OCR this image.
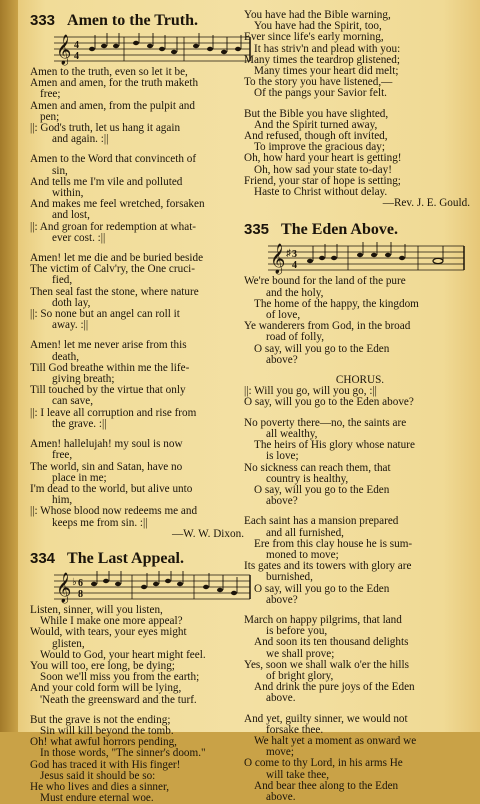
333 Amen to the Truth.
𝄞 4
4
Amen to the truth, even so let it be,
Amen and amen, for the truth maketh
free;
Amen and amen, from the pulpit and
pen;
||: God's truth, let us hang it again
and again. :||
Amen to the Word that convinceth of
sin,
And tells me I'm vile and polluted
within,
And makes me feel wretched, forsaken
and lost,
||: And groan for redemption at what-
ever cost. :||
Amen! let me die and be buried beside
The victim of Calv'ry, the One cruci-
fied,
Then seal fast the stone, where nature
doth lay,
||: So none but an angel can roll it
away. :||
Amen! let me never arise from this
death,
Till God breathe within me the life-
giving breath;
Till touched by the virtue that only
can save,
||: I leave all corruption and rise from
the grave. :||
Amen! hallelujah! my soul is now
free,
The world, sin and Satan, have no
place in me;
I'm dead to the world, but alive unto
him,
||: Whose blood now redeems me and
keeps me from sin. :||
—W. W. Dixon.
334 The Last Appeal.
𝄞 ♭ 6
8
Listen, sinner, will you listen,
While I make one more appeal?
Would, with tears, your eyes might
glisten,
Would to God, your heart might feel.
You will too, ere long, be dying;
Soon we'll miss you from the earth;
And your cold form will be lying,
'Neath the greensward and the turf.
But the grave is not the ending;
Sin will kill beyond the tomb.
Oh! what awful horrors pending,
In those words, "The sinner's doom."
God has traced it with His finger!
Jesus said it should be so:
He who lives and dies a sinner,
Must endure eternal woe.
You have had the Bible warning,
You have had the Spirit, too,
Ever since life's early morning,
It has striv'n and plead with you:
Many times the teardrop glistened;
Many times your heart did melt;
To the story you have listened,—
Of the pangs your Savior felt.
But the Bible you have slighted,
And the Spirit turned away,
And refused, though oft invited,
To improve the gracious day;
Oh, how hard your heart is getting!
Oh, how sad your state to-day!
Friend, your star of hope is setting;
Haste to Christ without delay.
—Rev. J. E. Gould.
335 The Eden Above.
𝄞 ♯ 3
4
We're bound for the land of the pure
and the holy,
The home of the happy, the kingdom
of love,
Ye wanderers from God, in the broad
road of folly,
O say, will you go to the Eden
above?
CHORUS.
||: Will you go, will you go, :||
O say, will you go to the Eden above?
No poverty there—no, the saints are
all wealthy,
The heirs of His glory whose nature
is love;
No sickness can reach them, that
country is healthy,
O say, will you go to the Eden
above?
Each saint has a mansion prepared
and all furnished,
Ere from this clay house he is sum-
moned to move;
Its gates and its towers with glory are
burnished,
O say, will you go to the Eden
above?
March on happy pilgrims, that land
is before you,
And soon its ten thousand delights
we shall prove;
Yes, soon we shall walk o'er the hills
of bright glory,
And drink the pure joys of the Eden
above.
And yet, guilty sinner, we would not
forsake thee.
We halt yet a moment as onward we
move;
O come to thy Lord, in his arms He
will take thee,
And bear thee along to the Eden
above.
